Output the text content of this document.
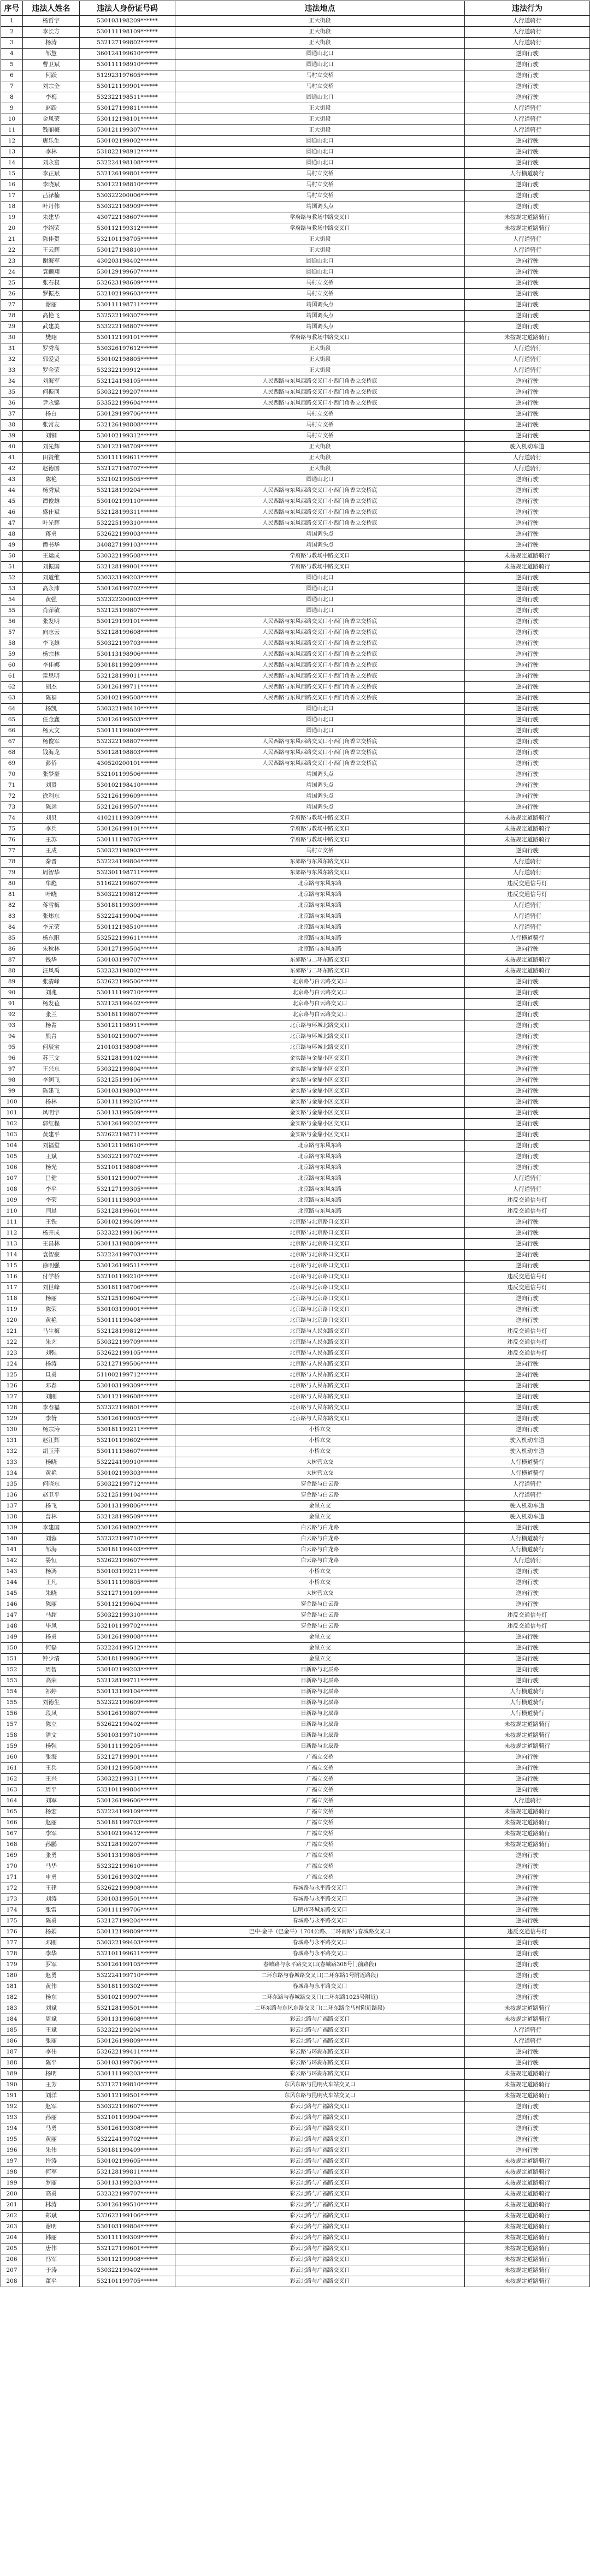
序号	违法人姓名	违法人身份证号码	违法地点	违法行为
1	杨哲宇	530103198209******	正大街段	人行道骑行
2	李长方	530111198109******	正大街段	人行道骑行
3	杨涛	532127199802******	正大街段	人行道骑行
4	邹慧	360124199610******	圆通山北口	逆向行驶
5	曹卫斌	530111198910******	圆通山北口	逆向行驶
6	何跃	512923197605******	马村立交桥	逆向行驶
7	刘宗全	530121199901******	马村立交桥	逆向行驶
8	李梅	532322198511******	圆通山北口	逆向行驶
9	赵跃	530127199811******	正大街段	人行道骑行
10	金凤荣	530112198101******	正大街段	人行道骑行
11	钱丽梅	530121199307******	正大街段	人行道骑行
12	唐乐生	530102199002******	圆通山北口	逆向行驶
13	李林	531822198912******	圆通山北口	逆向行驶
14	刘永富	532224198108******	圆通山北口	逆向行驶
15	李正斌	532126199801******	马村立交桥	人行横道骑行
16	李晓斌	530122198810******	马村立交桥	逆向行驶
17	吕泽楠	530322200006******	马村立交桥	逆向行驶
18	叶丹伟	530322198909******	靖国调头点	逆向行驶
19	朱建华	430722198607******	学府路与教场中路交叉口	未按规定道路骑行
20	李绍荣	530112199312******	学府路与教场中路交叉口	未按规定道路骑行
21	陈佳贺	532101198705******	正大街段	人行道骑行
22	王云辉	530127198810******	正大街段	人行道骑行
23	谢海军	430203198402******	圆通山北口	逆向行驶
24	袁麟翔	530129199607******	圆通山北口	逆向行驶
25	张石权	532623198609******	马村立交桥	逆向行驶
26	罗振杰	532102199603******	马村立交桥	逆向行驶
27	谢丽	530111198711******	靖国调头点	逆向行驶
28	高艳飞	532522199307******	靖国调头点	逆向行驶
29	武建美	533222198807******	靖国调头点	逆向行驶
30	樊翊	530112199101******	学府路与教场中路交叉口	未按规定道路骑行
31	罗秀高	530326197612******	正大街段	人行道骑行
32	郭爱贤	530102198805******	正大街段	人行道骑行
33	罗金荣	532322199912******	正大街段	人行道骑行
34	刘海军	532124198105******	人民西路与东风西路交叉口小西门角香立交桥底	逆向行驶
35	何振回	530322199207******	人民西路与东风西路交叉口小西门角香立交桥底	逆向行驶
36	尹永锦	533522199604******	人民西路与东风西路交叉口小西门角香立交桥底	逆向行驶
37	杨白	530129199706******	马村立交桥	逆向行驶
38	张常友	532126198808******	马村立交桥	逆向行驶
39	刘钢	530102199312******	马村立交桥	逆向行驶
40	刘先辉	530122198709******	正大街段	驶入机动车道
41	田贤维	530111199611******	正大街段	人行道骑行
42	赵德国	532127198707******	正大街段	人行道骑行
43	陈艳	532102199505******	圆通山北口	逆向行驶
44	杨秀斌	532128199204******	人民西路与东风西路交叉口小西门角香立交桥底	逆向行驶
45	谭俊雄	530102199110******	人民西路与东风西路交叉口小西门角香立交桥底	逆向行驶
46	盛仕斌	532128199311******	人民西路与东风西路交叉口小西门角香立交桥底	逆向行驶
47	叶光辉	532225199310******	人民西路与东风西路交叉口小西门角香立交桥底	逆向行驶
48	蒋勇	532622199003******	靖国调头点	逆向行驶
49	谭书华	340827199103******	靖国调头点	逆向行驶
50	王运成	530322199508******	学府路与教场中路交叉口	未按规定道路骑行
51	刘振国	532128199001******	学府路与教场中路交叉口	未按规定道路骑行
52	刘道维	530323199203******	圆通山北口	逆向行驶
53	高永沛	530126199702******	圆通山北口	逆向行驶
54	黄强	532322200003******	圆通山北口	逆向行驶
55	肖萍敏	532125199807******	圆通山北口	逆向行驶
56	张发明	530129199101******	人民西路与东风西路交叉口小西门角香立交桥底	逆向行驶
57	向志云	532128199608******	人民西路与东风西路交叉口小西门角香立交桥底	逆向行驶
58	李飞雄	530322199703******	人民西路与东风西路交叉口小西门角香立交桥底	逆向行驶
59	杨宗林	530113198906******	人民西路与东风西路交叉口小西门角香立交桥底	逆向行驶
60	李佳娜	530181199209******	人民西路与东风西路交叉口小西门角香立交桥底	逆向行驶
61	雷思明	532128199011******	人民西路与东风西路交叉口小西门角香立交桥底	逆向行驶
62	胡杰	530126199711******	人民西路与东风西路交叉口小西门角香立交桥底	逆向行驶
63	陈福	530102199508******	人民西路与东风西路交叉口小西门角香立交桥底	逆向行驶
64	杨凯	530322198410******	圆通山北口	逆向行驶
65	任金鑫	530126199503******	圆通山北口	逆向行驶
66	杨太文	530111199009******	圆通山北口	逆向行驶
67	杨俊军	532322198807******	人民西路与东风西路交叉口小西门角香立交桥底	逆向行驶
68	钱海龙	530128198803******	人民西路与东风西路交叉口小西门角香立交桥底	逆向行驶
69	彭侨	430520200101******	人民西路与东风西路交叉口小西门角香立交桥底	逆向行驶
70	张梦豪	532101199506******	靖国调头点	逆向行驶
71	刘贤	530102198410******	靖国调头点	逆向行驶
72	徐利东	532126199609******	靖国调头点	逆向行驶
73	陈运	532126199507******	靖国调头点	逆向行驶
74	刘贝	410211199309******	学府路与教场中路交叉口	未按规定道路骑行
75	李兵	530126199101******	学府路与教场中路交叉口	未按规定道路骑行
76	王苏	530111198705******	学府路与教场中路交叉口	未按规定道路骑行
77	王成	530322198903******	马村立交桥	逆向行驶
78	秦晋	532224199804******	东郊路与东风东路交叉口	人行道骑行
79	周智华	532301198711******	东郊路与东风东路交叉口	人行道骑行
80	牟彪	511622199607******	北京路与东风东路	违反交通信号灯
81	叶晓	530322199812******	北京路与东风东路	违反交通信号灯
82	蒋雪梅	530181199309******	北京路与东风东路	人行道骑行
83	张炜东	532224199004******	北京路与东风东路	人行道骑行
84	李元荣	530112198510******	北京路与东风东路	人行道骑行
85	杨东阳	532522199611******	北京路与东风东路	人行横道骑行
86	朱秋林	530127199504******	北京路与东风东路	逆向行驶
87	钱华	530103199707******	东郊路与二环东路交叉口	未按规定道路骑行
88	汪风禹	532323198802******	东郊路与二环东路交叉口	未按规定道路骑行
89	张清峰	532622199506******	北京路与白云路交叉口	逆向行驶
90	刘兆	530111199710******	北京路与白云路交叉口	逆向行驶
91	杨发苞	532125199402******	北京路与白云路交叉口	逆向行驶
92	张兰	530181199807******	北京路与白云路交叉口	逆向行驶
93	杨菁	530121198911******	北京路与环城北路交叉口	逆向行驶
94	熊青	530102199007******	北京路与环城北路交叉口	逆向行驶
95	何辰宝	210103198908******	北京路与环城北路交叉口	逆向行驶
96	苏三文	532128199102******	金实路与金鼎小区交叉口	逆向行驶
97	王兴东	530322199804******	金实路与金鼎小区交叉口	逆向行驶
98	李润飞	532125199106******	金实路与金鼎小区交叉口	逆向行驶
99	陈建飞	530103198903******	金实路与金鼎小区交叉口	逆向行驶
100	杨林	530111199205******	金实路与金鼎小区交叉口	逆向行驶
101	凤明宇	530113199509******	金实路与金鼎小区交叉口	逆向行驶
102	郭红程	530126199202******	金实路与金鼎小区交叉口	逆向行驶
103	黄建平	532622198711******	金实路与金鼎小区交叉口	逆向行驶
104	刘福堂	530121198610******	北京路与东风东路	逆向行驶
105	王斌	530322199702******	北京路与东风东路	逆向行驶
106	杨光	532101198808******	北京路与东风东路	逆向行驶
107	吕健	530112199007******	北京路与东风东路	人行道骑行
108	李平	532127199305******	北京路与东风东路	人行道骑行
109	李荣	530111198903******	北京路与东风东路	违反交通信号灯
110	闫晨	532128199601******	北京路与东风东路	违反交通信号灯
111	王铁	530102199409******	北京路与北京路口交叉口	逆向行驶
112	杨开成	532322199106******	北京路与北京路口交叉口	逆向行驶
113	王昌林	530113198809******	北京路与北京路口交叉口	逆向行驶
114	袁智豪	532224199703******	北京路与北京路口交叉口	逆向行驶
115	徐明强	530126199511******	北京路与北京路口交叉口	逆向行驶
116	付学桥	532101199210******	北京路与北京路口交叉口	违反交通信号灯
117	刘世峰	530181198706******	北京路与北京路口交叉口	违反交通信号灯
118	杨丽	532125199604******	北京路与北京路口交叉口	逆向行驶
119	陈荣	530103199001******	北京路与北京路口交叉口	逆向行驶
120	黄艳	530111199408******	北京路与北京路口交叉口	逆向行驶
121	马生梅	532128199812******	北京路与人民东路交叉口	违反交通信号灯
122	朱艺	530322199709******	北京路与人民东路交叉口	违反交通信号灯
123	刘强	532622199105******	北京路与人民东路交叉口	违反交通信号灯
124	杨涛	532127199506******	北京路与人民东路交叉口	逆向行驶
125	旦勇	511002199712******	北京路与人民东路交叉口	逆向行驶
126	邓春	530103199309******	北京路与人民东路交叉口	逆向行驶
127	刘刚	530112199608******	北京路与人民东路交叉口	逆向行驶
128	李春福	532322199801******	北京路与人民东路交叉口	逆向行驶
129	李赞	530126199005******	北京路与人民东路交叉口	逆向行驶
130	杨宗涛	530181199211******	小桥立交	逆向行驶
131	赵江辉	532101199602******	小桥立交	驶入机动车道
132	胡玉萍	530111198607******	小桥立交	驶入机动车道
133	杨晓	532224199910******	大树营立交	人行横道骑行
134	黄艳	530102199303******	大树营立交	人行横道骑行
135	何晓东	530322199712******	穿金路与白云路	人行道骑行
136	赵卫平	532125199104******	穿金路与白云路	人行道骑行
137	杨飞	530113199806******	金星立交	驶入机动车道
138	普林	532128199509******	金星立交	驶入机动车道
139	李建国	530126198902******	白云路与白龙路	逆向行驶
140	刘蓉	532322199710******	白云路与白龙路	人行横道骑行
141	邹海	530181199403******	白云路与白龙路	人行横道骑行
142	晏恒	532622199607******	白云路与白龙路	人行道骑行
143	杨鸿	530103199211******	小桥立交	逆向行驶
144	王凡	530111199805******	小桥立交	逆向行驶
145	朱晓	532127199109******	大树营立交	逆向行驶
146	陈丽	530112199604******	穿金路与白云路	逆向行驶
147	马超	530322199310******	穿金路与白云路	违反交通信号灯
148	毕凤	532101199702******	穿金路与白云路	违反交通信号灯
149	杨勇	530126199008******	金星立交	逆向行驶
150	何磊	532224199512******	金星立交	逆向行驶
151	钟少清	530181199906******	金星立交	逆向行驶
152	周智	530102199203******	日新路与北辰路	逆向行驶
153	高荣	532128199711******	日新路与北辰路	逆向行驶
154	祁婷	530113199104******	日新路与北辰路	人行横道骑行
155	刘德生	532322199609******	日新路与北辰路	人行横道骑行
156	段凤	530126199807******	日新路与北辰路	人行横道骑行
157	陈立	532622199402******	日新路与北辰路	未按规定道路骑行
158	潘文	530103199710******	日新路与北辰路	未按规定道路骑行
159	杨强	530111199205******	日新路与北辰路	未按规定道路骑行
160	张海	532127199901******	广福立交桥	逆向行驶
161	王兵	530112199508******	广福立交桥	逆向行驶
162	王兴	530322199311******	广福立交桥	逆向行驶
163	周平	532101199804******	广福立交桥	逆向行驶
164	刘军	530126199606******	广福立交桥	人行道骑行
165	杨宏	532224199109******	广福立交桥	未按规定道路骑行
166	赵丽	530181199703******	广福立交桥	未按规定道路骑行
167	李军	530102199412******	广福立交桥	未按规定道路骑行
168	孙鹏	532128199207******	广福立交桥	未按规定道路骑行
169	张勇	530113199805******	广福立交桥	逆向行驶
170	马华	532322199610******	广福立交桥	逆向行驶
171	申勇	530126199302******	广福立交桥	逆向行驶
172	王建	532622199908******	春城路与永平路交叉口	逆向行驶
173	刘涛	530103199501******	春城路与永平路交叉口	逆向行驶
174	张雷	530111199706******	昆明市环城东路交叉口	逆向行驶
175	陈勇	532127199204******	春城路与永平路交叉口	逆向行驶
176	杨娟	530112199809******	巴中·金平（巴金平）1704公路、二环南路与春城路交叉口	违反交通信号灯
177	邓刚	530322199403******	春城路与永平路交叉口	逆向行驶
178	李华	532101199611******	春城路与永平路交叉口	逆向行驶
179	罗军	530126199105******	春城路与永平路交叉口(春城路308号门前路段)	逆向行驶
180	赵勇	532224199710******	二环东路与春城路交叉口(二环东路1号附近路段)	逆向行驶
181	黄伟	530181199302******	春城路与永平路交叉口	逆向行驶
182	杨东	530102199907******	二环东路与春城路交叉口(二环东路1025号附近)	逆向行驶
183	刘斌	532128199501******	二环东路与东风东路交叉口(二环东路金马村附近路段)	未按规定道路骑行
184	周斌	530113199608******	彩云北路与广福路交叉口	未按规定道路骑行
185	王斌	532322199204******	彩云北路与广福路交叉口	人行道骑行
186	张丽	530126199809******	彩云北路与广福路交叉口	人行道骑行
187	李伟	532622199411******	彩云路与环湖东路交叉口	逆向行驶
188	陈平	530103199706******	彩云路与环湖东路交叉口	逆向行驶
189	杨明	530111199203******	彩云路与环湖东路交叉口	未按规定道路骑行
190	王芳	532127199810******	东风东路与昆明火车站交叉口	未按规定道路骑行
191	刘洋	530112199501******	东风东路与昆明火车站交叉口	未按规定道路骑行
192	赵军	530322199607******	彩云北路与广福路交叉口	逆向行驶
193	孙丽	532101199904******	彩云北路与广福路交叉口	逆向行驶
194	马勇	530126199308******	彩云北路与广福路交叉口	逆向行驶
195	黄丽	532224199702******	彩云北路与广福路交叉口	逆向行驶
196	朱伟	530181199409******	彩云北路与广福路交叉口	逆向行驶
197	许涛	530102199605******	彩云北路与广福路交叉口	未按规定道路骑行
198	何军	532128199811******	彩云北路与广福路交叉口	未按规定道路骑行
199	罗丽	530113199203******	彩云北路与广福路交叉口	未按规定道路骑行
200	高勇	532322199707******	彩云北路与广福路交叉口	未按规定道路骑行
201	林涛	530126199510******	彩云北路与广福路交叉口	未按规定道路骑行
202	郑斌	532622199106******	彩云北路与广福路交叉口	未按规定道路骑行
203	谢明	530103199804******	彩云北路与广福路交叉口	未按规定道路骑行
204	韩丽	530111199309******	彩云北路与广福路交叉口	未按规定道路骑行
205	唐伟	532127199601******	彩云北路与广福路交叉口	未按规定道路骑行
206	冯军	530112199908******	彩云北路与广福路交叉口	未按规定道路骑行
207	于涛	530322199402******	彩云北路与广福路交叉口	未按规定道路骑行
208	董平	532101199705******	彩云北路与广福路交叉口	未按规定道路骑行
